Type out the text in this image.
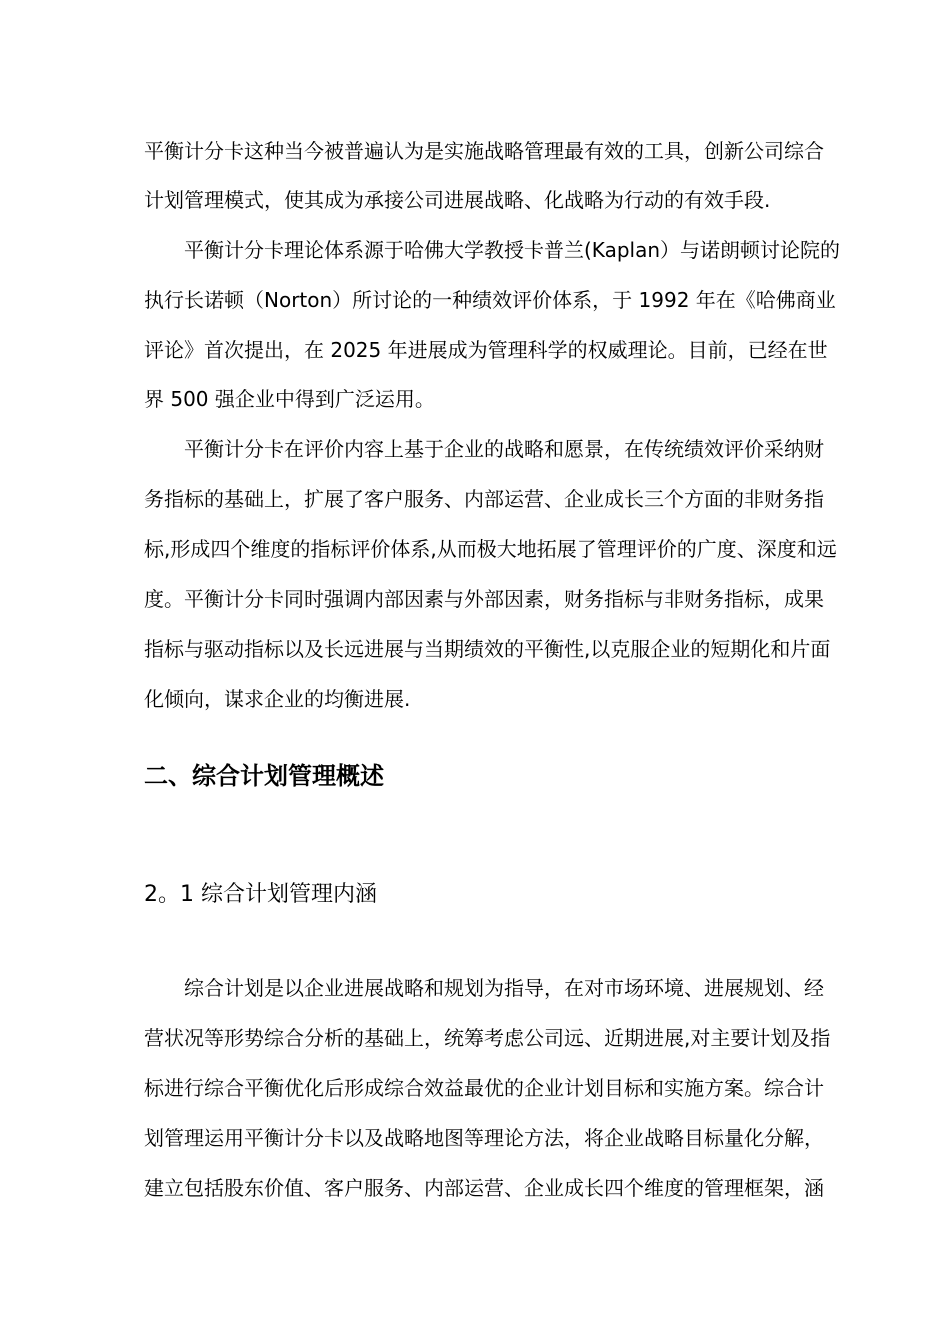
平衡计分卡这种当今被普遍认为是实施战略管理最有效的工具，创新公司综合
计划管理模式，使其成为承接公司进展战略、化战略为行动的有效手段.
　　平衡计分卡理论体系源于哈佛大学教授卡普兰(Kaplan）与诺朗顿讨论院的
执行长诺顿（Norton）所讨论的一种绩效评价体系，于 1992 年在《哈佛商业
评论》首次提出，在 2025 年进展成为管理科学的权威理论。目前，已经在世
界 500 强企业中得到广泛运用。
　　平衡计分卡在评价内容上基于企业的战略和愿景，在传统绩效评价采纳财
务指标的基础上，扩展了客户服务、内部运营、企业成长三个方面的非财务指
标,形成四个维度的指标评价体系,从而极大地拓展了管理评价的广度、深度和远
度。平衡计分卡同时强调内部因素与外部因素，财务指标与非财务指标，成果
指标与驱动指标以及长远进展与当期绩效的平衡性,以克服企业的短期化和片面
化倾向，谋求企业的均衡进展.
二、综合计划管理概述
2。1 综合计划管理内涵
　　综合计划是以企业进展战略和规划为指导，在对市场环境、进展规划、经
营状况等形势综合分析的基础上，统筹考虑公司远、近期进展,对主要计划及指
标进行综合平衡优化后形成综合效益最优的企业计划目标和实施方案。综合计
划管理运用平衡计分卡以及战略地图等理论方法，将企业战略目标量化分解，
建立包括股东价值、客户服务、内部运营、企业成长四个维度的管理框架，涵
